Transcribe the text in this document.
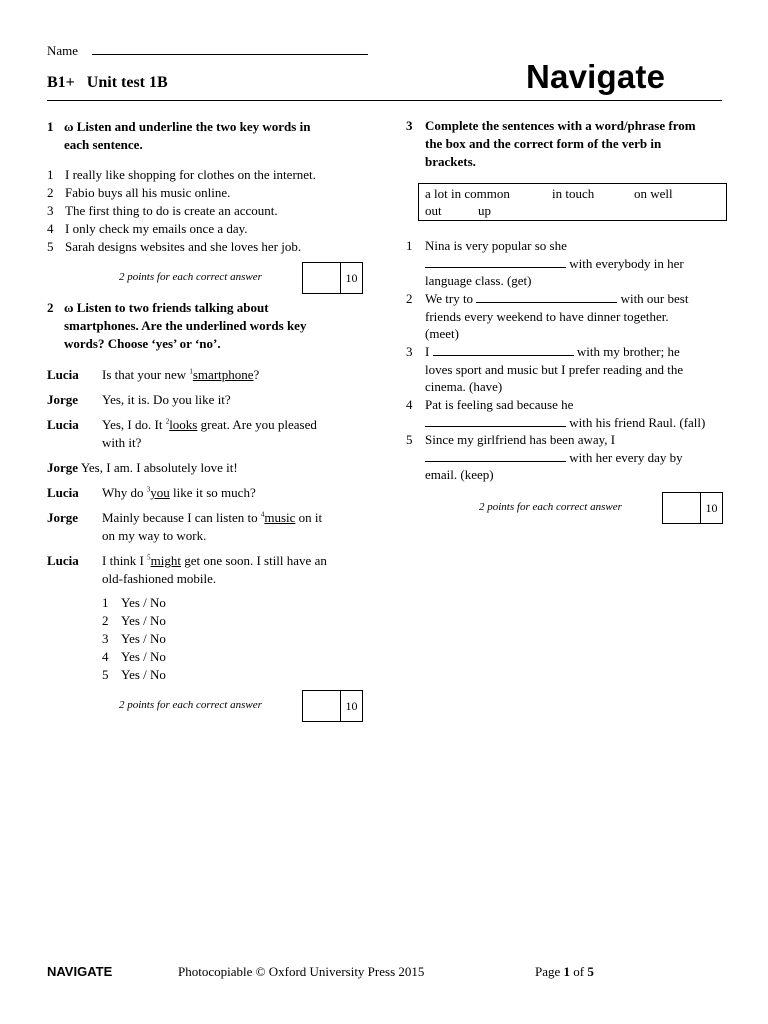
Name
B1+ Unit test 1B	Navigate
1 ω Listen and underline the two key words in
each sentence.
1 I really like shopping for clothes on the internet.
2 Fabio buys all his music online.
3 The first thing to do is create an account.
4 I only check my emails once a day.
5 Sarah designs websites and she loves her job.
2 points for each correct answer	10
2 ω Listen to two friends talking about
smartphones. Are the underlined words key
words? Choose ‘yes’ or ‘no’.
Lucia Is that your new $^1$smartphone?
Jorge Yes, it is. Do you like it?
Lucia Yes, I do. It $^2$looks great. Are you pleased
with it?
Jorge Yes, I am. I absolutely love it!
Lucia Why do $^3$you like it so much?
Jorge Mainly because I can listen to $^4$music on it
on my way to work.
Lucia I think I $^5$might get one soon. I still have an
old-fashioned mobile.
1 Yes / No
2 Yes / No
3 Yes / No
4 Yes / No
5 Yes / No
2 points for each correct answer	10
3 Complete the sentences with a word/phrase from
the box and the correct form of the verb in
brackets.
a lot in common	in touch	on well
out	up
1 Nina is very popular so she
with everybody in her
language class. (get)
2 We try to	with our best
friends every weekend to have dinner together.
(meet)
3 I	with my brother; he
loves sport and music but I prefer reading and the
cinema. (have)
4 Pat is feeling sad because he
with his friend Raul. (fall)
5 Since my girlfriend has been away, I
with her every day by
email. (keep)
2 points for each correct answer	10
NAVIGATE	Photocopiable © Oxford University Press 2015	Page 1 of 5
